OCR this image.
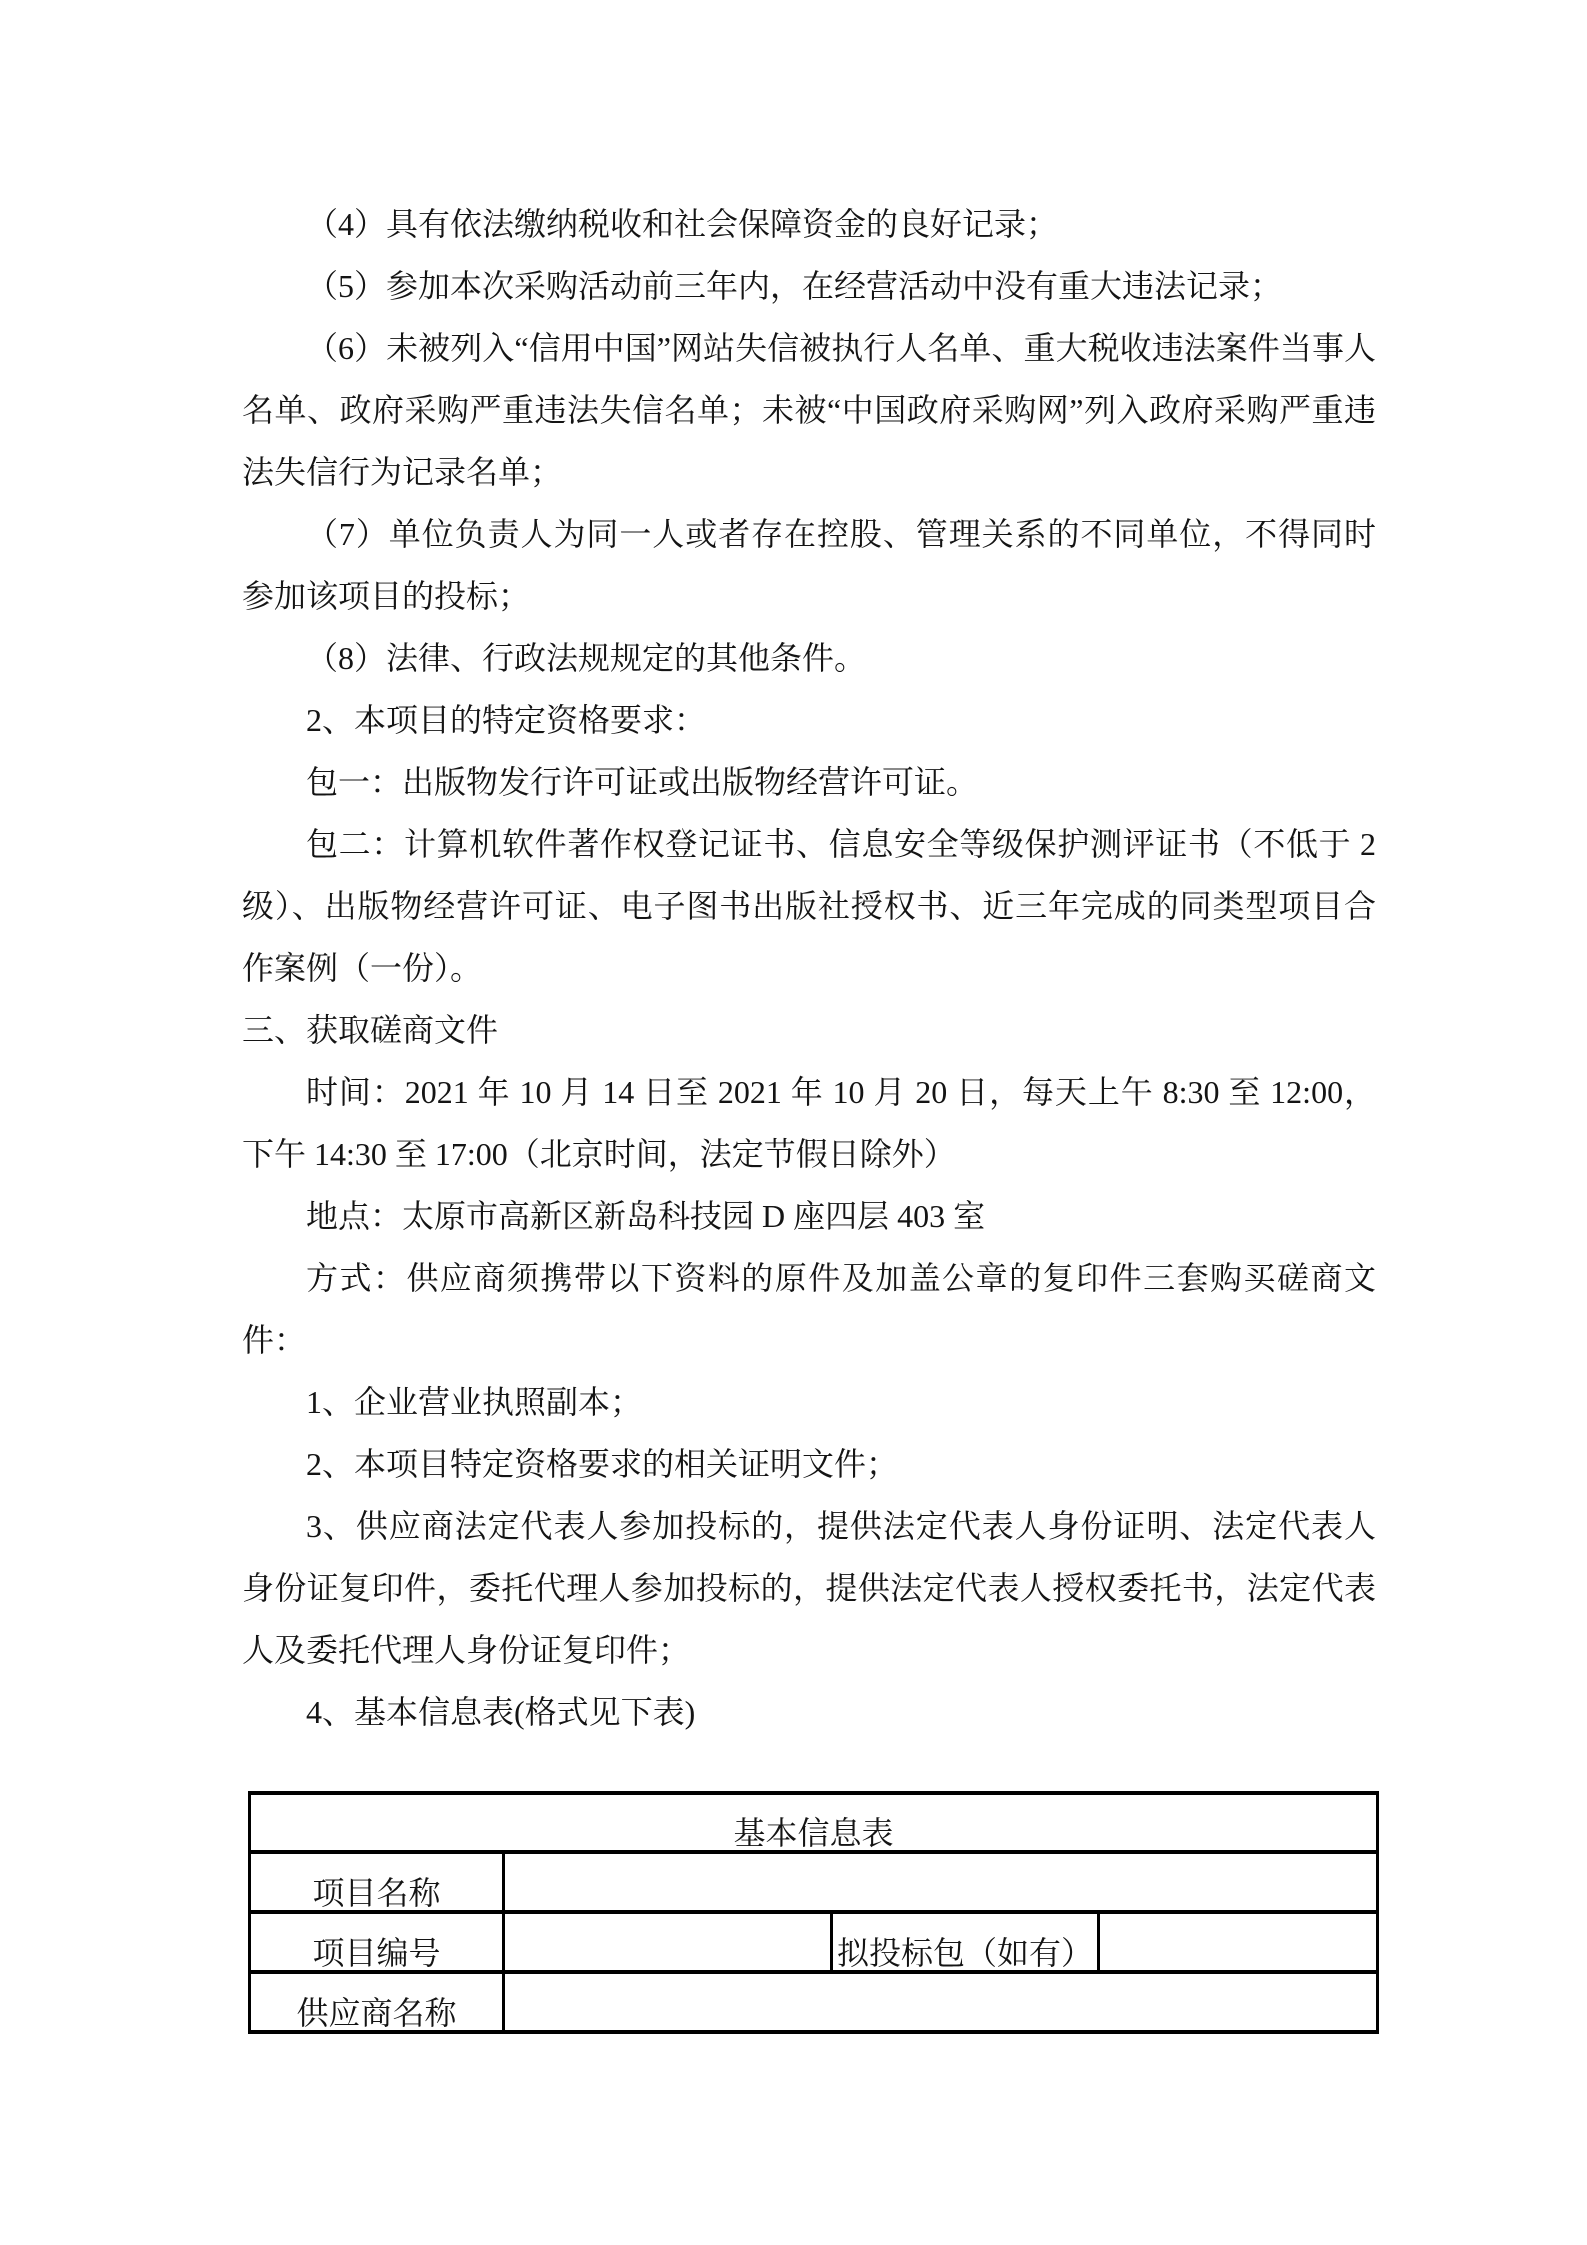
（4）具有依法缴纳税收和社会保障资金的良好记录；

（5）参加本次采购活动前三年内，在经营活动中没有重大违法记录；

（6）未被列入“信用中国”网站失信被执行人名单、重大税收违法案件当事人名单、政府采购严重违法失信名单；未被“中国政府采购网”列入政府采购严重违法失信行为记录名单；

（7）单位负责人为同一人或者存在控股、管理关系的不同单位，不得同时参加该项目的投标；

（8）法律、行政法规规定的其他条件。

2、本项目的特定资格要求：

包一：出版物发行许可证或出版物经营许可证。

包二：计算机软件著作权登记证书、信息安全等级保护测评证书（不低于 2 级）、出版物经营许可证、电子图书出版社授权书、近三年完成的同类型项目合作案例（一份）。

三、获取磋商文件

时间：2021 年 10 月 14 日至 2021 年 10 月 20 日，每天上午 8:30 至 12:00，下午 14:30 至 17:00（北京时间，法定节假日除外）

地点：太原市高新区新岛科技园 D 座四层 403 室

方式：供应商须携带以下资料的原件及加盖公章的复印件三套购买磋商文件：

1、企业营业执照副本；

2、本项目特定资格要求的相关证明文件；

3、供应商法定代表人参加投标的，提供法定代表人身份证明、法定代表人身份证复印件，委托代理人参加投标的，提供法定代表人授权委托书，法定代表人及委托代理人身份证复印件；

4、基本信息表(格式见下表)

基本信息表			
项目名称			
项目编号		拟投标包（如有）	
供应商名称			
